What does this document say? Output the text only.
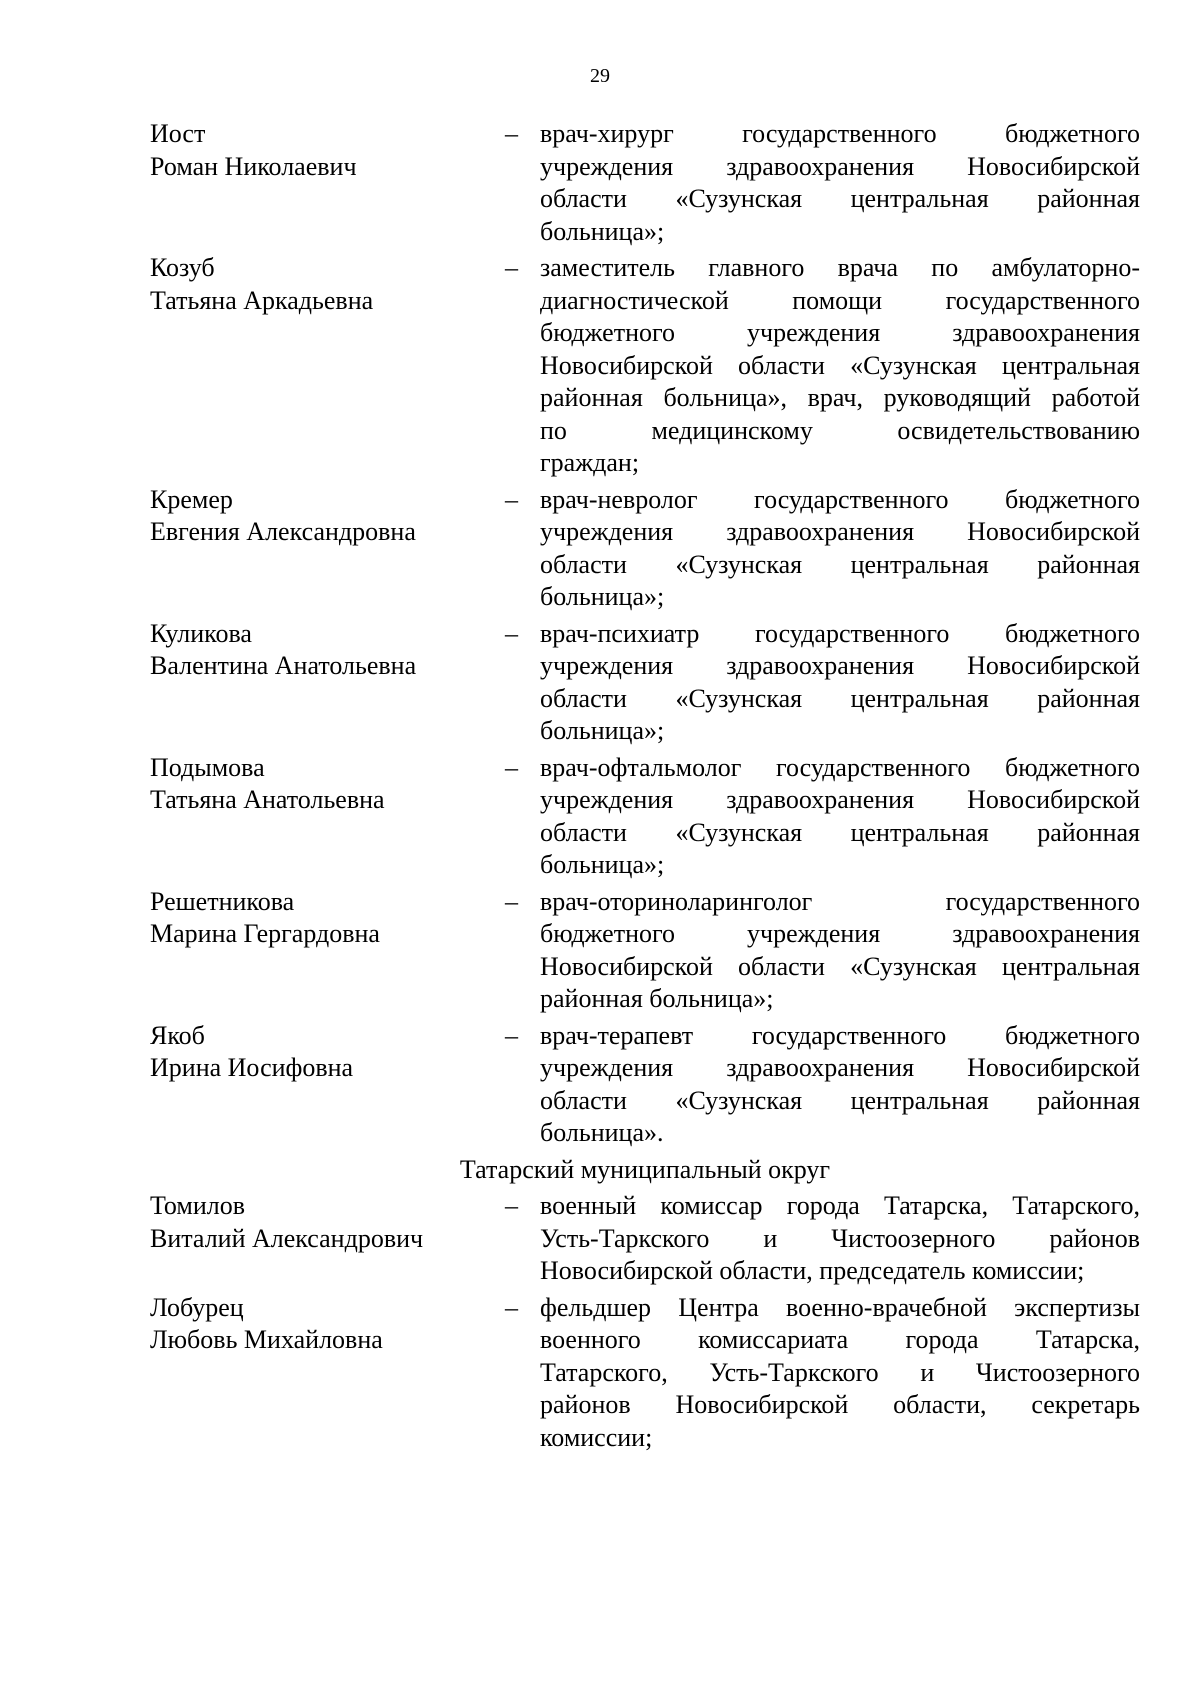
29
Иост
Роман Николаевич
– врач-хирург государственного бюджетного
учреждения здравоохранения Новосибирской
области «Сузунская центральная районная
больница»;
Козуб
Татьяна Аркадьевна
– заместитель главного врача по амбулаторно-
диагностической помощи государственного
бюджетного учреждения здравоохранения
Новосибирской области «Сузунская центральная
районная больница», врач, руководящий работой
по медицинскому освидетельствованию
граждан;
Кремер
Евгения Александровна
– врач-невролог государственного бюджетного
учреждения здравоохранения Новосибирской
области «Сузунская центральная районная
больница»;
Куликова
Валентина Анатольевна
– врач-психиатр государственного бюджетного
учреждения здравоохранения Новосибирской
области «Сузунская центральная районная
больница»;
Подымова
Татьяна Анатольевна
– врач-офтальмолог государственного бюджетного
учреждения здравоохранения Новосибирской
области «Сузунская центральная районная
больница»;
Решетникова
Марина Гергардовна
– врач-оториноларинголог государственного
бюджетного учреждения здравоохранения
Новосибирской области «Сузунская центральная
районная больница»;
Якоб
Ирина Иосифовна
– врач-терапевт государственного бюджетного
учреждения здравоохранения Новосибирской
области «Сузунская центральная районная
больница».
Татарский муниципальный округ
Томилов
Виталий Александрович
– военный комиссар города Татарска, Татарского,
Усть-Таркского и Чистоозерного районов
Новосибирской области, председатель комиссии;
Лобурец
Любовь Михайловна
– фельдшер Центра военно-врачебной экспертизы
военного комиссариата города Татарска,
Татарского, Усть-Таркского и Чистоозерного
районов Новосибирской области, секретарь
комиссии;
